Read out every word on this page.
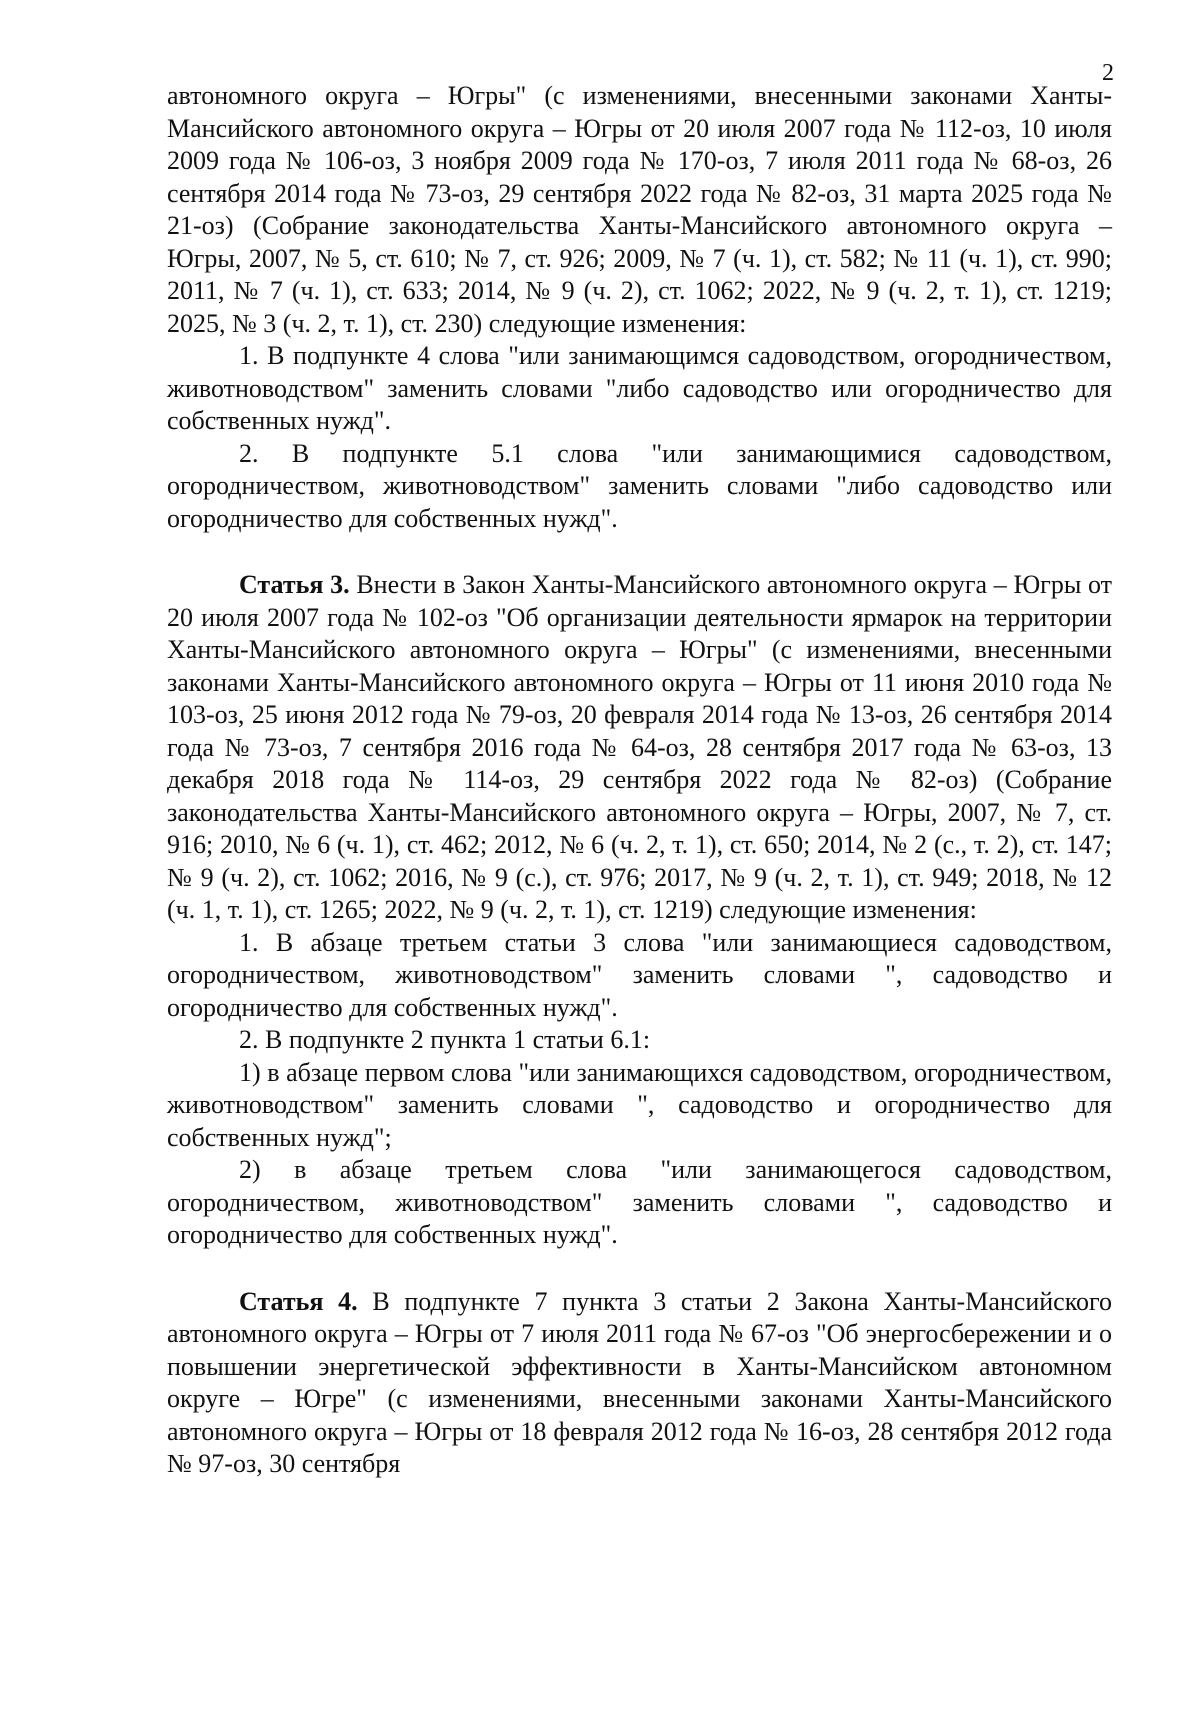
2

автономного округа – Югры" (с изменениями, внесенными законами Ханты-Мансийского автономного округа – Югры от 20 июля 2007 года № 112-оз, 10 июля 2009 года № 106-оз, 3 ноября 2009 года № 170-оз, 7 июля 2011 года № 68-оз, 26 сентября 2014 года № 73-оз, 29 сентября 2022 года № 82-оз, 31 марта 2025 года № 21-оз) (Собрание законодательства Ханты-Мансийского автономного округа – Югры, 2007, № 5, ст. 610; № 7, ст. 926; 2009, № 7 (ч. 1), ст. 582; № 11 (ч. 1), ст. 990; 2011, № 7 (ч. 1), ст. 633; 2014, № 9 (ч. 2), ст. 1062; 2022, № 9 (ч. 2, т. 1), ст. 1219; 2025, № 3 (ч. 2, т. 1), ст. 230) следующие изменения:

1. В подпункте 4 слова "или занимающимся садоводством, огородничеством, животноводством" заменить словами "либо садоводство или огородничество для собственных нужд".

2. В подпункте 5.1 слова "или занимающимися садоводством, огородничеством, животноводством" заменить словами "либо садоводство или огородничество для собственных нужд".

Статья 3. Внести в Закон Ханты-Мансийского автономного округа – Югры от 20 июля 2007 года № 102-оз "Об организации деятельности ярмарок на территории Ханты-Мансийского автономного округа – Югры" (с изменениями, внесенными законами Ханты-Мансийского автономного округа – Югры от 11 июня 2010 года № 103-оз, 25 июня 2012 года № 79-оз, 20 февраля 2014 года № 13-оз, 26 сентября 2014 года № 73-оз, 7 сентября 2016 года № 64-оз, 28 сентября 2017 года № 63-оз, 13 декабря 2018 года № 114-оз, 29 сентября 2022 года № 82-оз) (Собрание законодательства Ханты-Мансийского автономного округа – Югры, 2007, № 7, ст. 916; 2010, № 6 (ч. 1), ст. 462; 2012, № 6 (ч. 2, т. 1), ст. 650; 2014, № 2 (с., т. 2), ст. 147; № 9 (ч. 2), ст. 1062; 2016, № 9 (с.), ст. 976; 2017, № 9 (ч. 2, т. 1), ст. 949; 2018, № 12 (ч. 1, т. 1), ст. 1265; 2022, № 9 (ч. 2, т. 1), ст. 1219) следующие изменения:

1. В абзаце третьем статьи 3 слова "или занимающиеся садоводством, огородничеством, животноводством" заменить словами ", садоводство и огородничество для собственных нужд".

2. В подпункте 2 пункта 1 статьи 6.1:

1) в абзаце первом слова "или занимающихся садоводством, огородничеством, животноводством" заменить словами ", садоводство и огородничество для собственных нужд";

2) в абзаце третьем слова "или занимающегося садоводством, огородничеством, животноводством" заменить словами ", садоводство и огородничество для собственных нужд".

Статья 4. В подпункте 7 пункта 3 статьи 2 Закона Ханты-Мансийского автономного округа – Югры от 7 июля 2011 года № 67-оз "Об энергосбережении и о повышении энергетической эффективности в Ханты-Мансийском автономном округе – Югре" (с изменениями, внесенными законами Ханты-Мансийского автономного округа – Югры от 18 февраля 2012 года № 16-оз, 28 сентября 2012 года № 97-оз, 30 сентября
